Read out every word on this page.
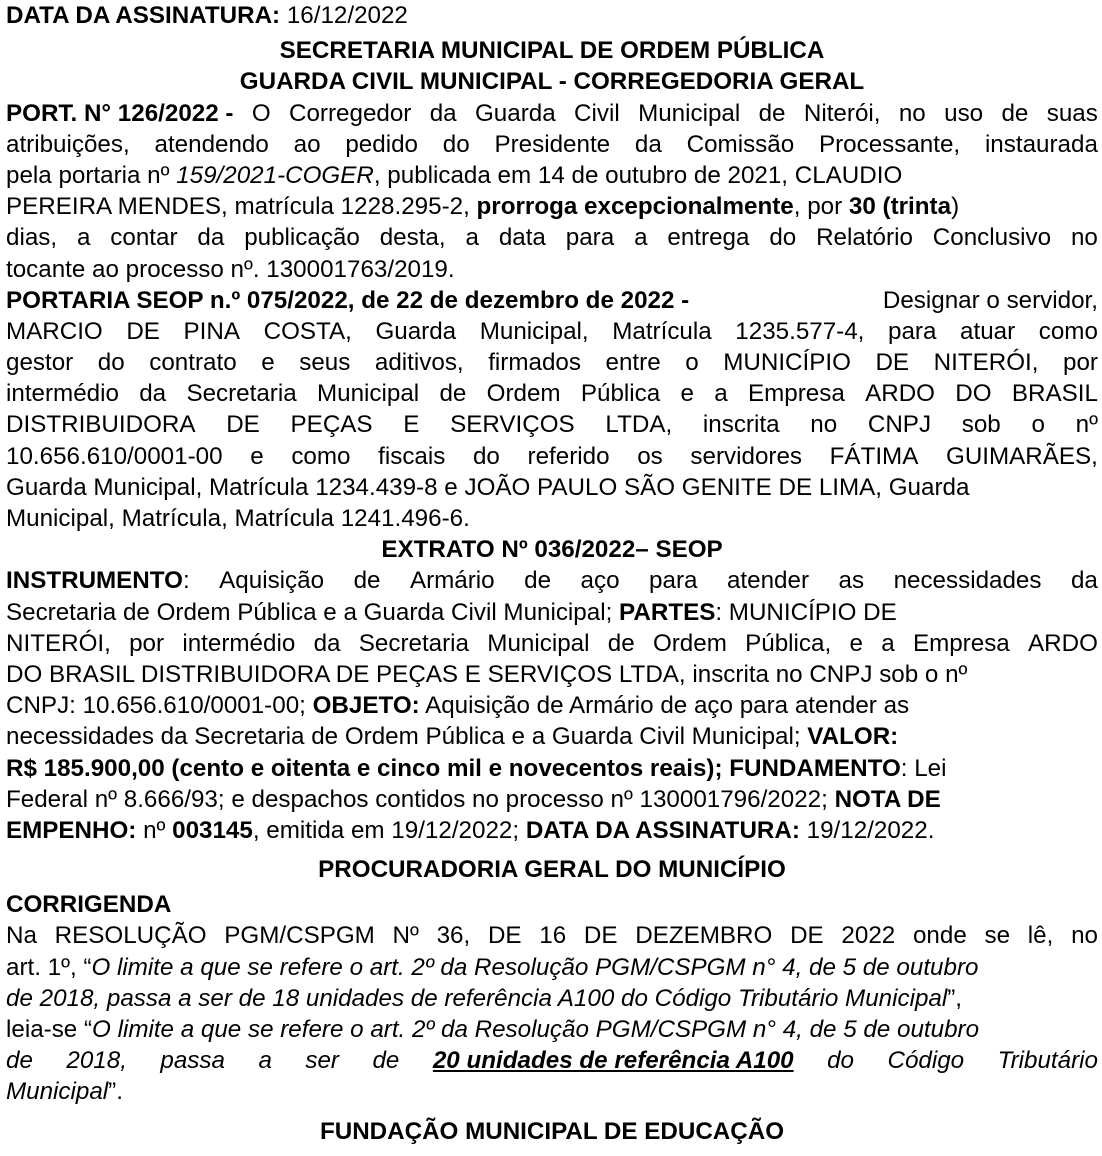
DATA DA ASSINATURA: 16/12/2022
SECRETARIA MUNICIPAL DE ORDEM PÚBLICA
GUARDA CIVIL MUNICIPAL - CORREGEDORIA GERAL
PORT. N° 126/2022 - O Corregedor da Guarda Civil Municipal de Niterói, no uso de suas
atribuições, atendendo ao pedido do Presidente da Comissão Processante, instaurada
pela portaria nº 159/2021-COGER, publicada em 14 de outubro de 2021, CLAUDIO
PEREIRA MENDES, matrícula 1228.295-2, prorroga excepcionalmente, por 30 (trinta)
dias, a contar da publicação desta, a data para a entrega do Relatório Conclusivo no
tocante ao processo nº. 130001763/2019.
PORTARIA SEOP n.º 075/2022, de 22 de dezembro de 2022 -	Designar o servidor,
MARCIO DE PINA COSTA, Guarda Municipal, Matrícula 1235.577-4, para atuar como
gestor do contrato e seus aditivos, firmados entre o MUNICÍPIO DE NITERÓI, por
intermédio da Secretaria Municipal de Ordem Pública e a Empresa ARDO DO BRASIL
DISTRIBUIDORA DE PEÇAS E SERVIÇOS LTDA, inscrita no CNPJ sob o nº
10.656.610/0001-00 e como fiscais do referido os servidores FÁTIMA GUIMARÃES,
Guarda Municipal, Matrícula 1234.439-8 e JOÃO PAULO SÃO GENITE DE LIMA, Guarda
Municipal, Matrícula, Matrícula 1241.496-6.
EXTRATO Nº 036/2022– SEOP
INSTRUMENTO: Aquisição de Armário de aço para atender as necessidades da
Secretaria de Ordem Pública e a Guarda Civil Municipal; PARTES: MUNICÍPIO DE
NITERÓI, por intermédio da Secretaria Municipal de Ordem Pública, e a Empresa ARDO
DO BRASIL DISTRIBUIDORA DE PEÇAS E SERVIÇOS LTDA, inscrita no CNPJ sob o nº
CNPJ: 10.656.610/0001-00; OBJETO: Aquisição de Armário de aço para atender as
necessidades da Secretaria de Ordem Pública e a Guarda Civil Municipal; VALOR:
R$ 185.900,00 (cento e oitenta e cinco mil e novecentos reais); FUNDAMENTO: Lei
Federal nº 8.666/93; e despachos contidos no processo nº 130001796/2022; NOTA DE
EMPENHO: nº 003145, emitida em 19/12/2022; DATA DA ASSINATURA: 19/12/2022.
PROCURADORIA GERAL DO MUNICÍPIO
CORRIGENDA
Na RESOLUÇÃO PGM/CSPGM Nº 36, DE 16 DE DEZEMBRO DE 2022 onde se lê, no
art. 1º, “O limite a que se refere o art. 2º da Resolução PGM/CSPGM n° 4, de 5 de outubro
de 2018, passa a ser de 18 unidades de referência A100 do Código Tributário Municipal”,
leia-se “O limite a que se refere o art. 2º da Resolução PGM/CSPGM n° 4, de 5 de outubro
de 2018, passa a ser de 20 unidades de referência A100 do Código Tributário
Municipal”.
FUNDAÇÃO MUNICIPAL DE EDUCAÇÃO
